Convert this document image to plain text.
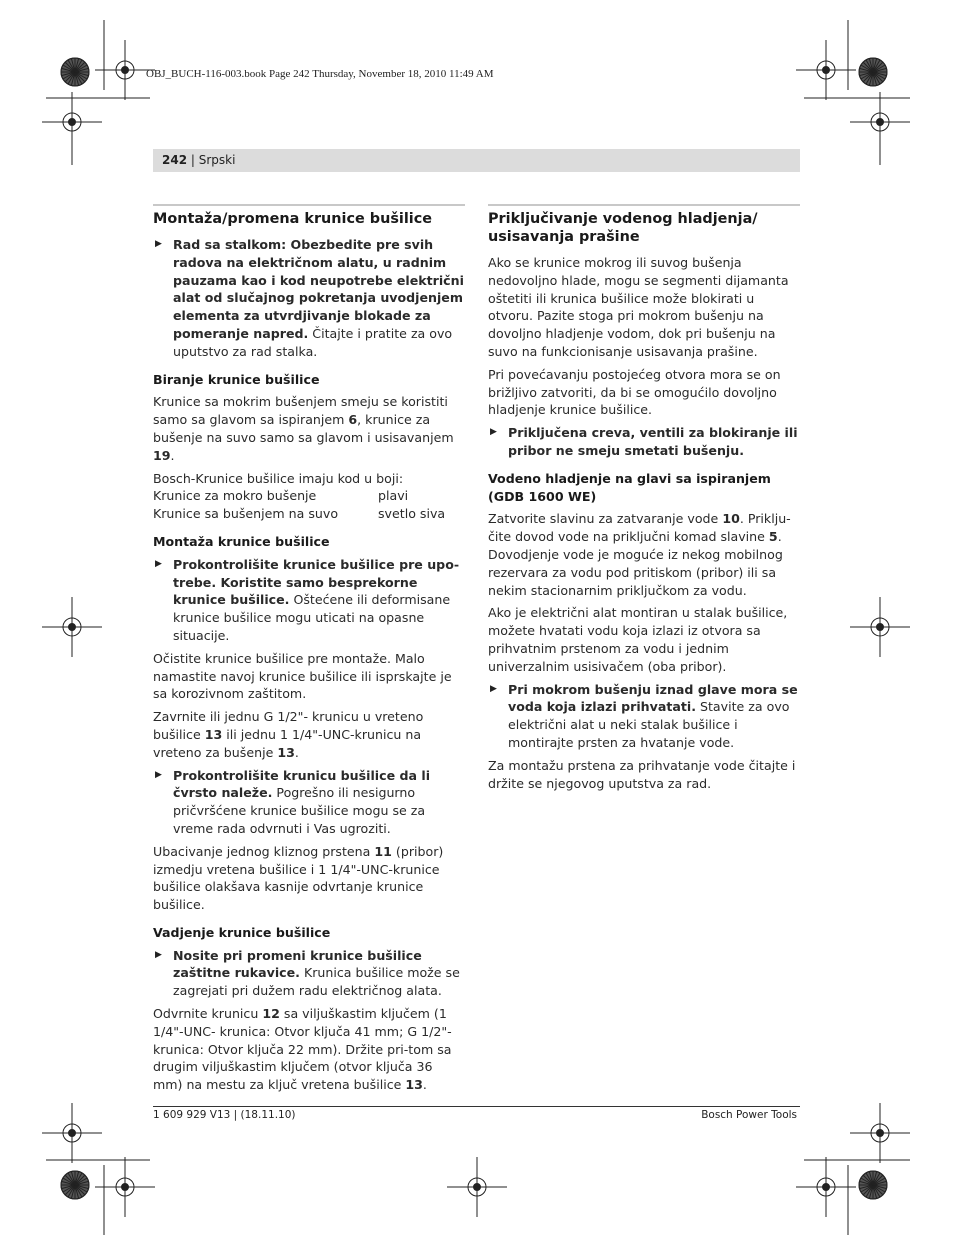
OBJ_BUCH-116-003.book Page 242 Thursday, November 18, 2010 11:49 AM
242 | Srpski
Montaža/promena krunice bušilice
▶ Rad sa stalkom: Obezbedite pre svih radova na električnom alatu, u radnim pauzama kao i kod neupotrebe električni alat od slučajnog pokretanja uvodjenjem elementa za utvrdjivanje blokade za pomeranje napred. Čitajte i pratite za ovo uputstvo za rad stalka.
Biranje krunice bušilice

Krunice sa mokrim bušenjem smeju se koristiti samo sa glavom sa ispiranjem 6, krunice za bušenje na suvo samo sa glavom i usisavanjem 19.

Bosch-Krunice bušilice imaju kod u boji:

Krunice za mokro bušenje	plavi
Krunice sa bušenjem na suvo	svetlo siva
Montaža krunice bušilice
▶ Prokontrolišite krunice bušilice pre upo-trebe. Koristite samo besprekorne krunice bušilice. Oštećene ili deformisane krunice bušilice mogu uticati na opasne situacije.

Očistite krunice bušilice pre montaže. Malo namastite navoj krunice bušilice ili isprskajte je sa korozivnom zaštitom.

Zavrnite ili jednu G 1/2"- krunicu u vreteno bušilice 13 ili jednu 1 1/4"-UNC-krunicu na vreteno za bušenje 13.

▶ Prokontrolišite krunicu bušilice da li čvrsto naleže. Pogrešno ili nesigurno pričvršćene krunice bušilice mogu se za vreme rada odvrnuti i Vas ugroziti.

Ubacivanje jednog kliznog prstena 11 (pribor) izmedju vretena bušilice i 1 1/4"-UNC-krunice bušilice olakšava kasnije odvrtanje krunice bušilice.

Vadjenje krunice bušilice
▶ Nosite pri promeni krunice bušilice zaštitne rukavice. Krunica bušilice može se zagrejati pri dužem radu električnog alata.

Odvrnite krunicu 12 sa viljuškastim ključem (1 1/4"-UNC- krunica: Otvor ključa 41 mm; G 1/2"-krunica: Otvor ključa 22 mm). Držite pri-tom sa drugim viljuškastim ključem (otvor ključa 36 mm) na mestu za ključ vretena bušilice 13.

Priključivanje vodenog hladjenja/ usisavanja prašine

Ako se krunice mokrog ili suvog bušenja nedovoljno hlade, mogu se segmenti dijamanta oštetiti ili krunica bušilice može blokirati u otvoru. Pazite stoga pri mokrom bušenju na dovoljno hladjenje vodom, dok pri bušenju na suvo na funkcionisanje usisavanja prašine.

Pri povećavanju postojećeg otvora mora se on brižljivo zatvoriti, da bi se omogućilo dovoljno hladjenje krunice bušilice.

▶ Priključena creva, ventili za blokiranje ili pribor ne smeju smetati bušenju.
Vodeno hladjenje na glavi sa ispiranjem (GDB 1600 WE)

Zatvorite slavinu za zatvaranje vode 10. Priklju-čite dovod vode na priključni komad slavine 5. Dovodjenje vode je moguće iz nekog mobilnog rezervara za vodu pod pritiskom (pribor) ili sa nekim stacionarnim priključkom za vodu.

Ako je električni alat montiran u stalak bušilice, možete hvatati vodu koja izlazi iz otvora sa prihvatnim prstenom za vodu i jednim univerzalnim usisivačem (oba pribor).

▶ Pri mokrom bušenju iznad glave mora se voda koja izlazi prihvatati. Stavite za ovo električni alat u neki stalak bušilice i montirajte prsten za hvatanje vode.

Za montažu prstena za prihvatanje vode čitajte i držite se njegovog uputstva za rad.

1 609 929 V13 | (18.11.10)	Bosch Power Tools
